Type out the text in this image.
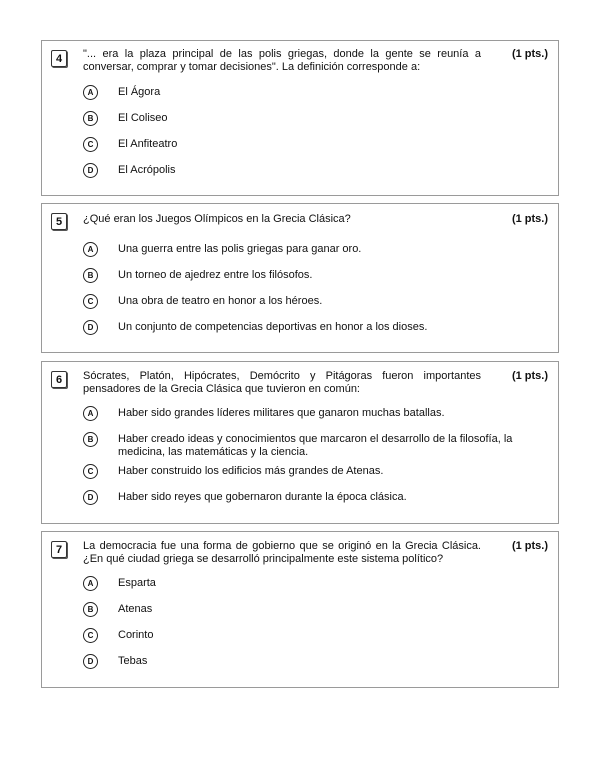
4	"... era la plaza principal de las polis griegas, donde la gente se reunía a conversar, comprar y tomar decisiones". La definición corresponde a:

(1 pts.)
A	El Ágora
B	El Coliseo
C	El Anfiteatro
D	El Acrópolis
5	¿Qué eran los Juegos Olímpicos en la Grecia Clásica?	(1 pts.)
A	Una guerra entre las polis griegas para ganar oro.
B	Un torneo de ajedrez entre los filósofos.
C	Una obra de teatro en honor a los héroes.
D	Un conjunto de competencias deportivas en honor a los dioses.
6	Sócrates, Platón, Hipócrates, Demócrito y Pitágoras fueron importantes pensadores de la Grecia Clásica que tuvieron en común:

(1 pts.)
A	Haber sido grandes líderes militares que ganaron muchas batallas.
B	Haber creado ideas y conocimientos que marcaron el desarrollo de la filosofía, la medicina, las matemáticas y la ciencia.
C	Haber construido los edificios más grandes de Atenas.
D	Haber sido reyes que gobernaron durante la época clásica.
7	La democracia fue una forma de gobierno que se originó en la Grecia Clásica. ¿En qué ciudad griega se desarrolló principalmente este sistema político?

(1 pts.)
A	Esparta
B	Atenas
C	Corinto
D	Tebas
